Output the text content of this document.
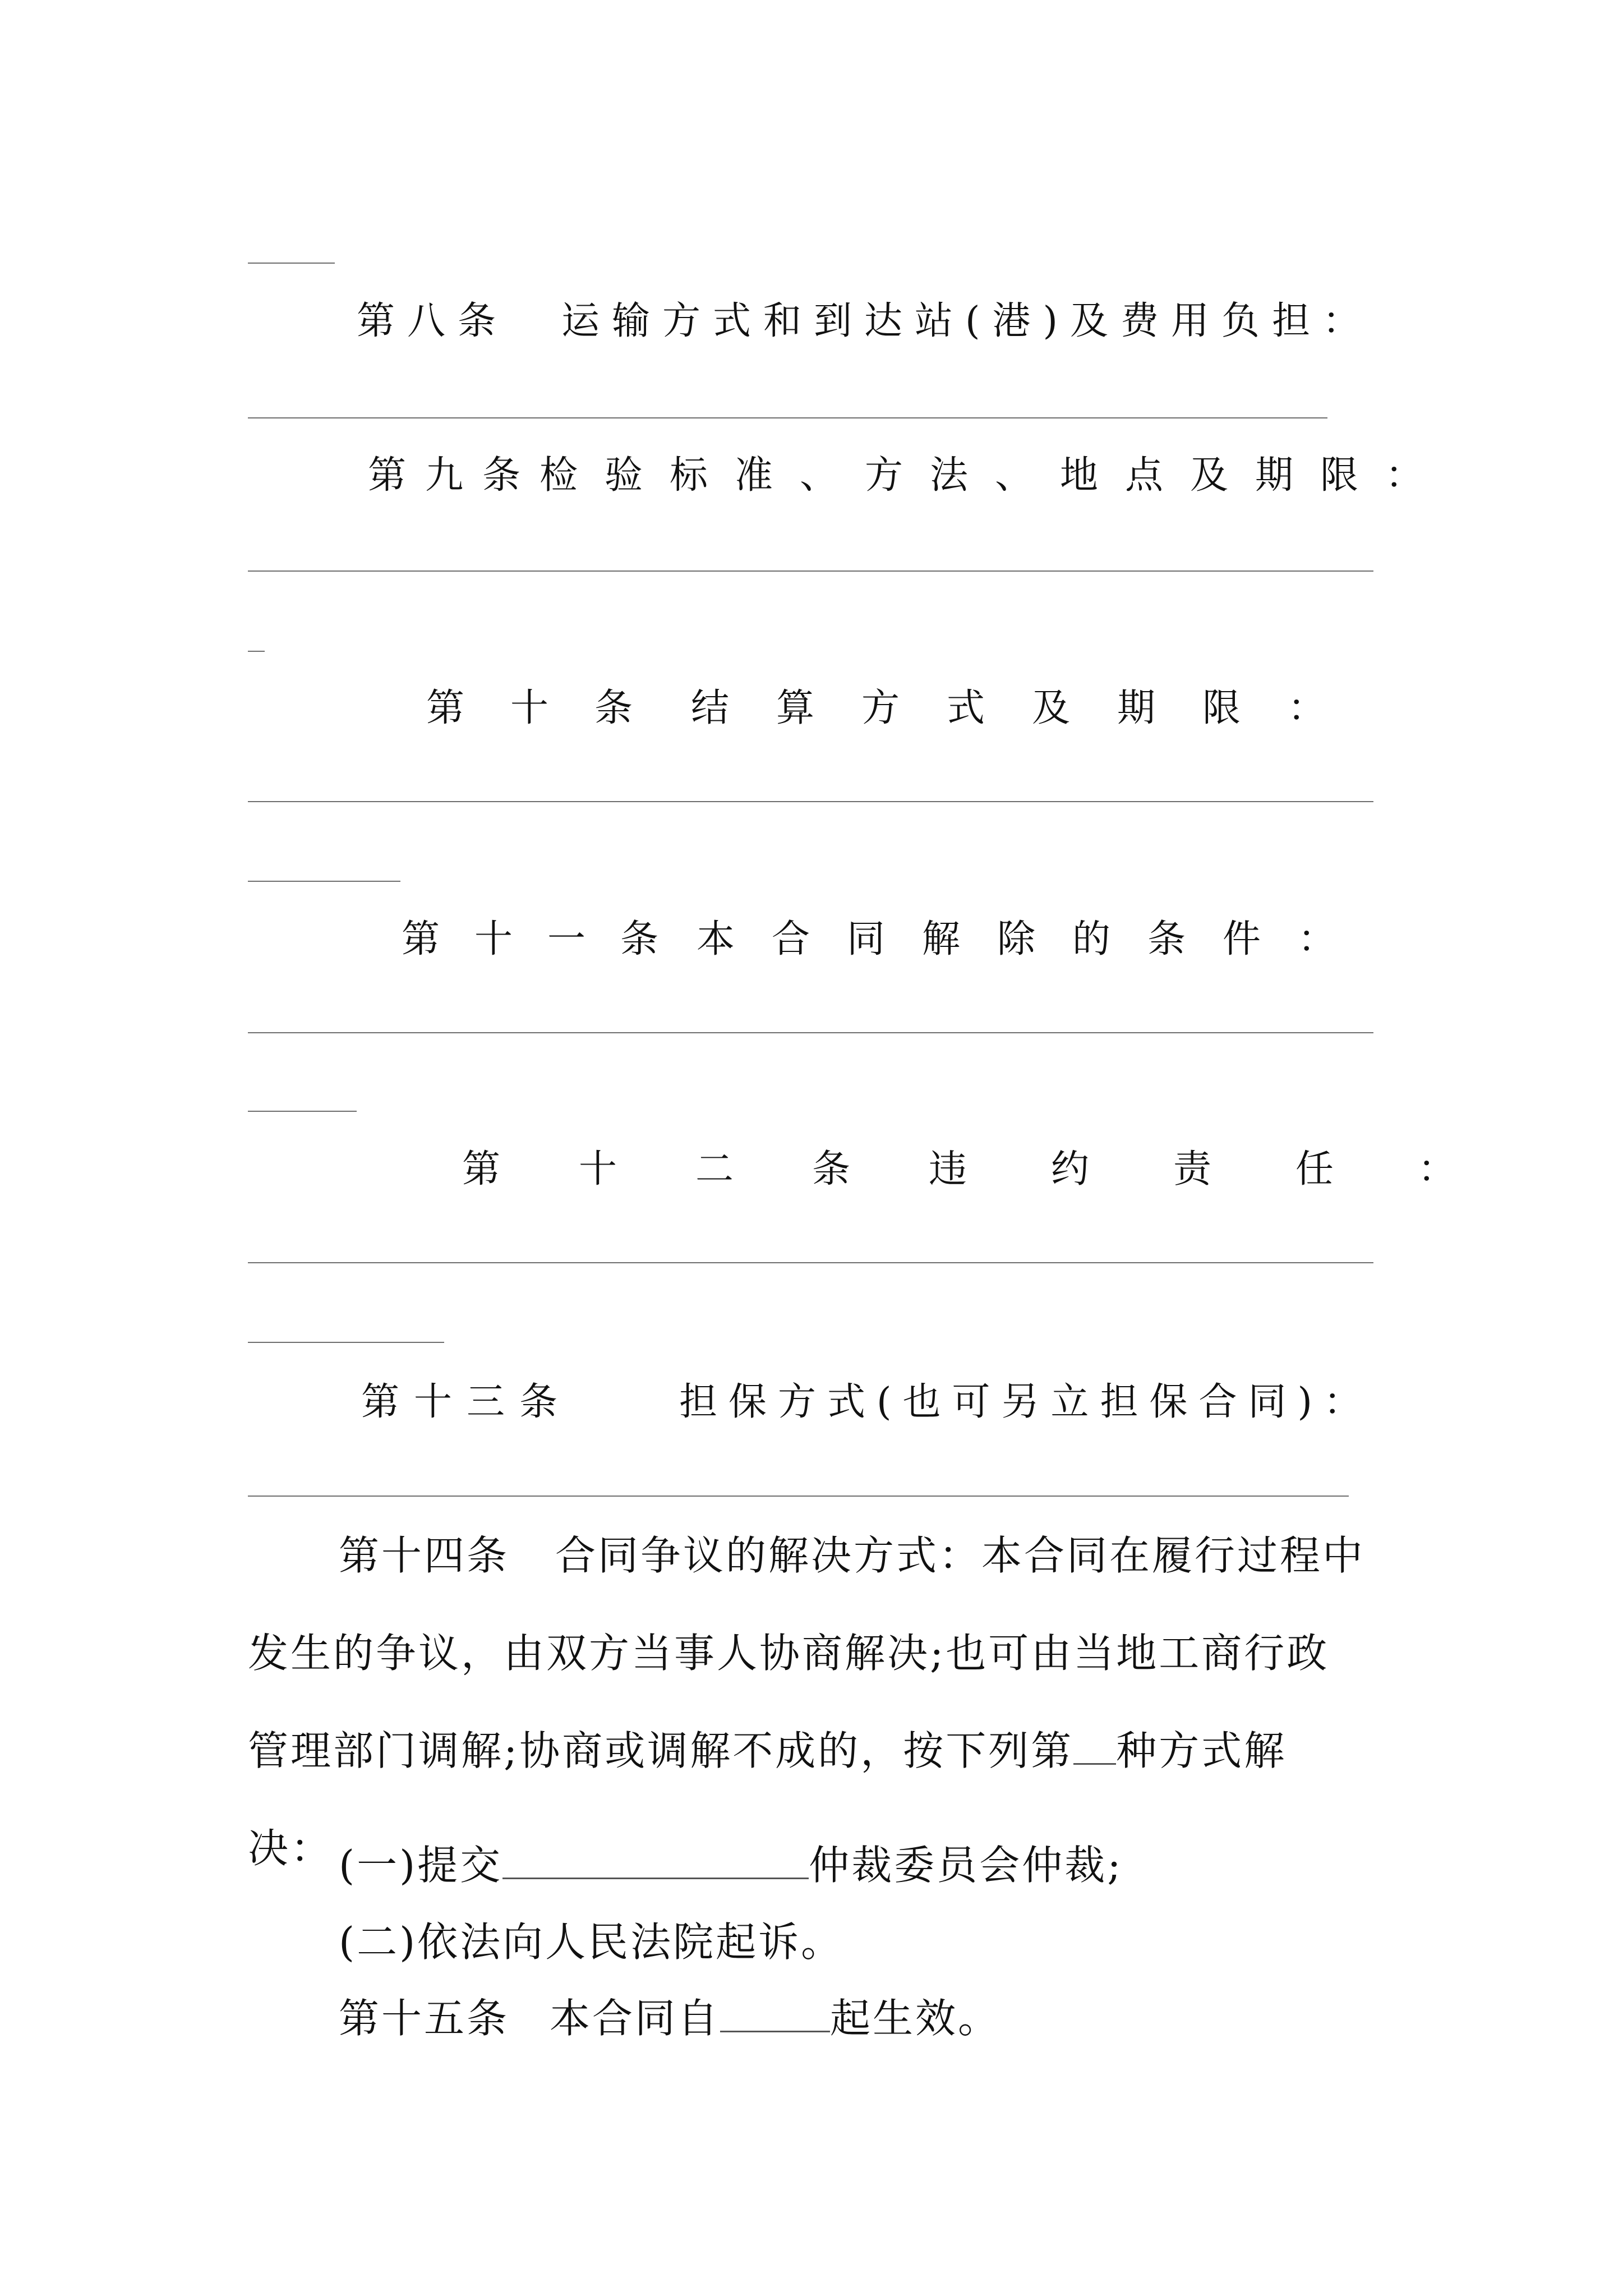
第八条 运输方式和到达站(港)及费用负担：
第九条 检验标准、方法、地点及期限：
第十条 结算方式及期限：
第十一条 本合同解除的条件：
第十二条 违约责任：
第十三条	担保方式(也可另立担保合同)：
第十四条 合同争议的解决方式：本合同在履行过程中
发生的争议，由双方当事人协商解决;也可由当地工商行政
管理部门调解;协商或调解不成的，按下列第 种方式解
决： (一)提交	仲裁委员会仲裁;
(二)依法向人民法院起诉。
第十五条 本合同自	起生效。
